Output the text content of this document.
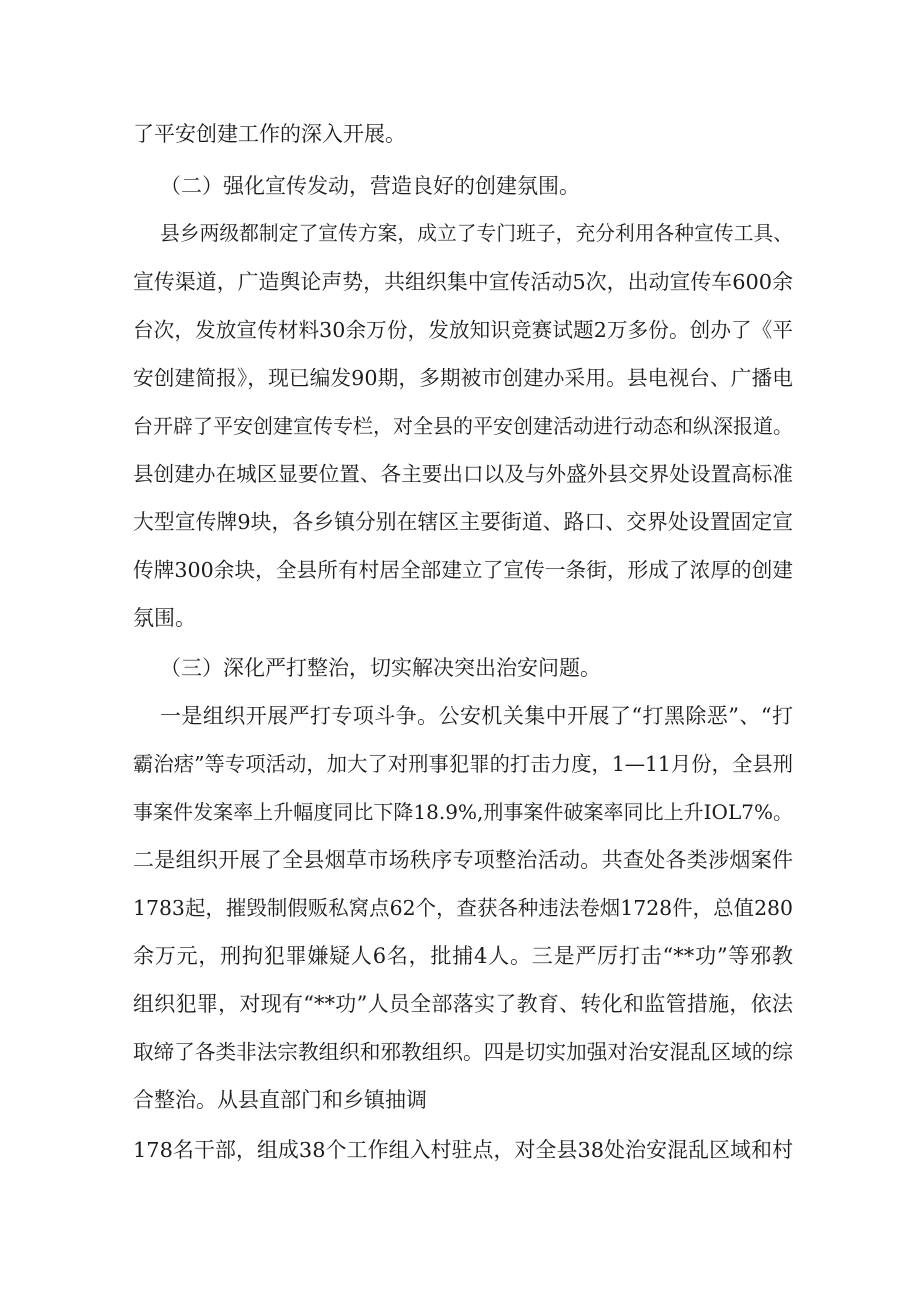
了平安创建工作的深入开展。
（二）强化宣传发动，营造良好的创建氛围。
县乡两级都制定了宣传方案，成立了专门班子，充分利用各种宣传工具、
宣传渠道，广造舆论声势，共组织集中宣传活动5次，出动宣传车600余
台次，发放宣传材料30余万份，发放知识竞赛试题2万多份。创办了《平
安创建简报》，现已编发90期，多期被市创建办采用。县电视台、广播电
台开辟了平安创建宣传专栏，对全县的平安创建活动进行动态和纵深报道。
县创建办在城区显要位置、各主要出口以及与外盛外县交界处设置高标准
大型宣传牌9块，各乡镇分别在辖区主要街道、路口、交界处设置固定宣
传牌300余块，全县所有村居全部建立了宣传一条街，形成了浓厚的创建
氛围。
（三）深化严打整治，切实解决突出治安问题。
一是组织开展严打专项斗争。公安机关集中开展了“打黑除恶”、“打
霸治痞”等专项活动，加大了对刑事犯罪的打击力度，1—11月份，全县刑
事案件发案率上升幅度同比下降18.9%,刑事案件破案率同比上升IOL7%。
二是组织开展了全县烟草市场秩序专项整治活动。共查处各类涉烟案件
1783起，摧毁制假贩私窝点62个，查获各种违法卷烟1728件，总值280
余万元，刑拘犯罪嫌疑人6名，批捕4人。三是严厉打击“**功”等邪教
组织犯罪，对现有“**功”人员全部落实了教育、转化和监管措施，依法
取缔了各类非法宗教组织和邪教组织。四是切实加强对治安混乱区域的综
合整治。从县直部门和乡镇抽调
178名干部，组成38个工作组入村驻点，对全县38处治安混乱区域和村
